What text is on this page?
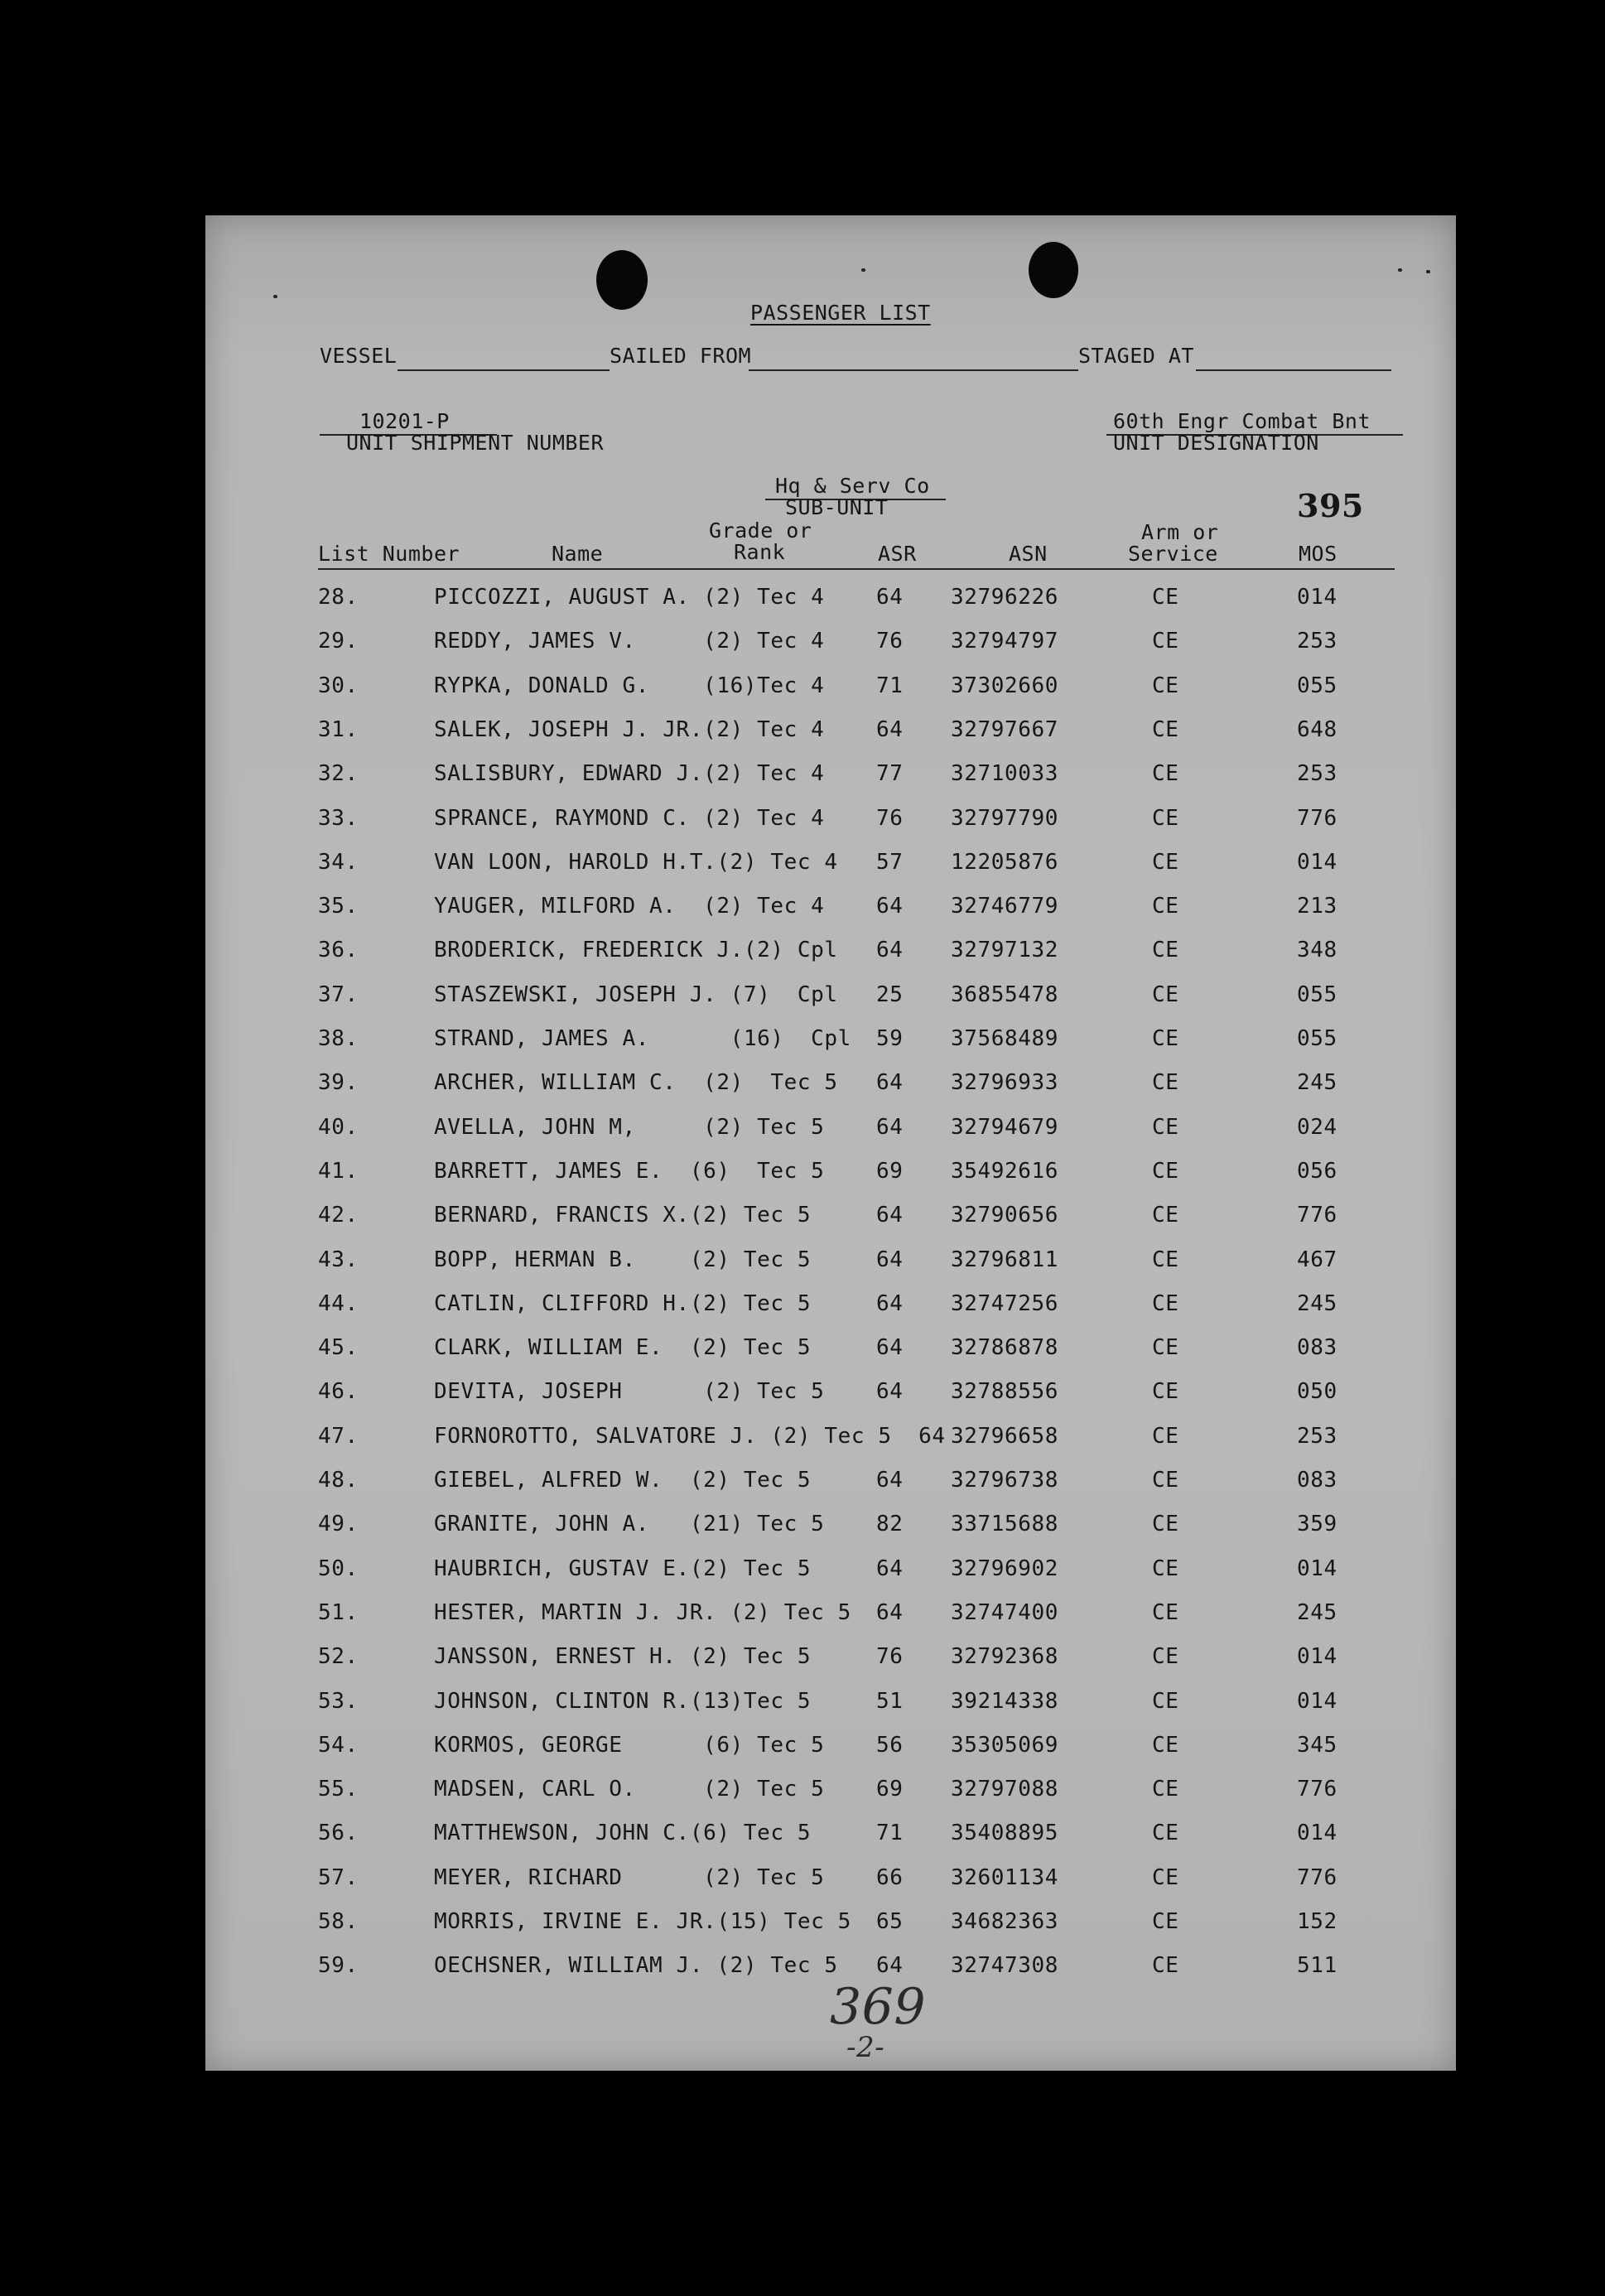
PASSENGER LIST
VESSEL	SAILED FROM	STAGED AT
10201-P
UNIT SHIPMENT NUMBER
60th Engr Combat Bnt
UNIT DESIGNATION
Hq & Serv Co
SUB-UNIT	395
Grade or	Arm or
List Number	Name	Rank	ASR	ASN	Service	MOS
28.	PICCOZZI, AUGUST A. (2) Tec 4 64 32796226	CE	014
29.	REDDY, JAMES V.     (2) Tec 4 76 32794797	CE	253
30.	RYPKA, DONALD G.    (16)Tec 4 71 37302660	CE	055
31.	SALEK, JOSEPH J. JR.(2) Tec 4 64 32797667	CE	648
32.	SALISBURY, EDWARD J.(2) Tec 4 77 32710033	CE	253
33.	SPRANCE, RAYMOND C. (2) Tec 4 76 32797790	CE	776
34.	VAN LOON, HAROLD H.T.(2) Tec 4 57 12205876	CE	014
35.	YAUGER, MILFORD A.  (2) Tec 4 64 32746779	CE	213
36.	BRODERICK, FREDERICK J.(2) Cpl 64 32797132	CE	348
37.	STASZEWSKI, JOSEPH J. (7)  Cpl 25 36855478	CE	055
38.	STRAND, JAMES A.      (16)  Cpl 59 37568489	CE	055
39.	ARCHER, WILLIAM C.  (2)  Tec 5 64 32796933	CE	245
40.	AVELLA, JOHN M,     (2) Tec 5 64 32794679	CE	024
41.	BARRETT, JAMES E.  (6)  Tec 5 69 35492616	CE	056
42.	BERNARD, FRANCIS X.(2) Tec 5	64 32790656	CE	776
43.	BOPP, HERMAN B.    (2) Tec 5	64 32796811	CE	467
44.	CATLIN, CLIFFORD H.(2) Tec 5	64 32747256	CE	245
45.	CLARK, WILLIAM E.  (2) Tec 5	64 32786878	CE	083
46.	DEVITA, JOSEPH      (2) Tec 5 64 32788556	CE	050
47.	FORNOROTTO, SALVATORE J. (2) Tec 5  64 32796658	CE	253
48.	GIEBEL, ALFRED W.  (2) Tec 5	64 32796738	CE	083
49.	GRANITE, JOHN A.   (21) Tec 5 82 33715688	CE	359
50.	HAUBRICH, GUSTAV E.(2) Tec 5	64 32796902	CE	014
51.	HESTER, MARTIN J. JR. (2) Tec 5 64 32747400	CE	245
52.	JANSSON, ERNEST H. (2) Tec 5	76 32792368	CE	014
53.	JOHNSON, CLINTON R.(13)Tec 5	51 39214338	CE	014
54.	KORMOS, GEORGE      (6) Tec 5 56 35305069	CE	345
55.	MADSEN, CARL O.     (2) Tec 5 69 32797088	CE	776
56.	MATTHEWSON, JOHN C.(6) Tec 5	71 35408895	CE	014
57.	MEYER, RICHARD      (2) Tec 5 66 32601134	CE	776
58.	MORRIS, IRVINE E. JR.(15) Tec 5 65 34682363	CE	152
59.	OECHSNER, WILLIAM J. (2) Tec 5 64 32747308	CE	511
369
-2-
